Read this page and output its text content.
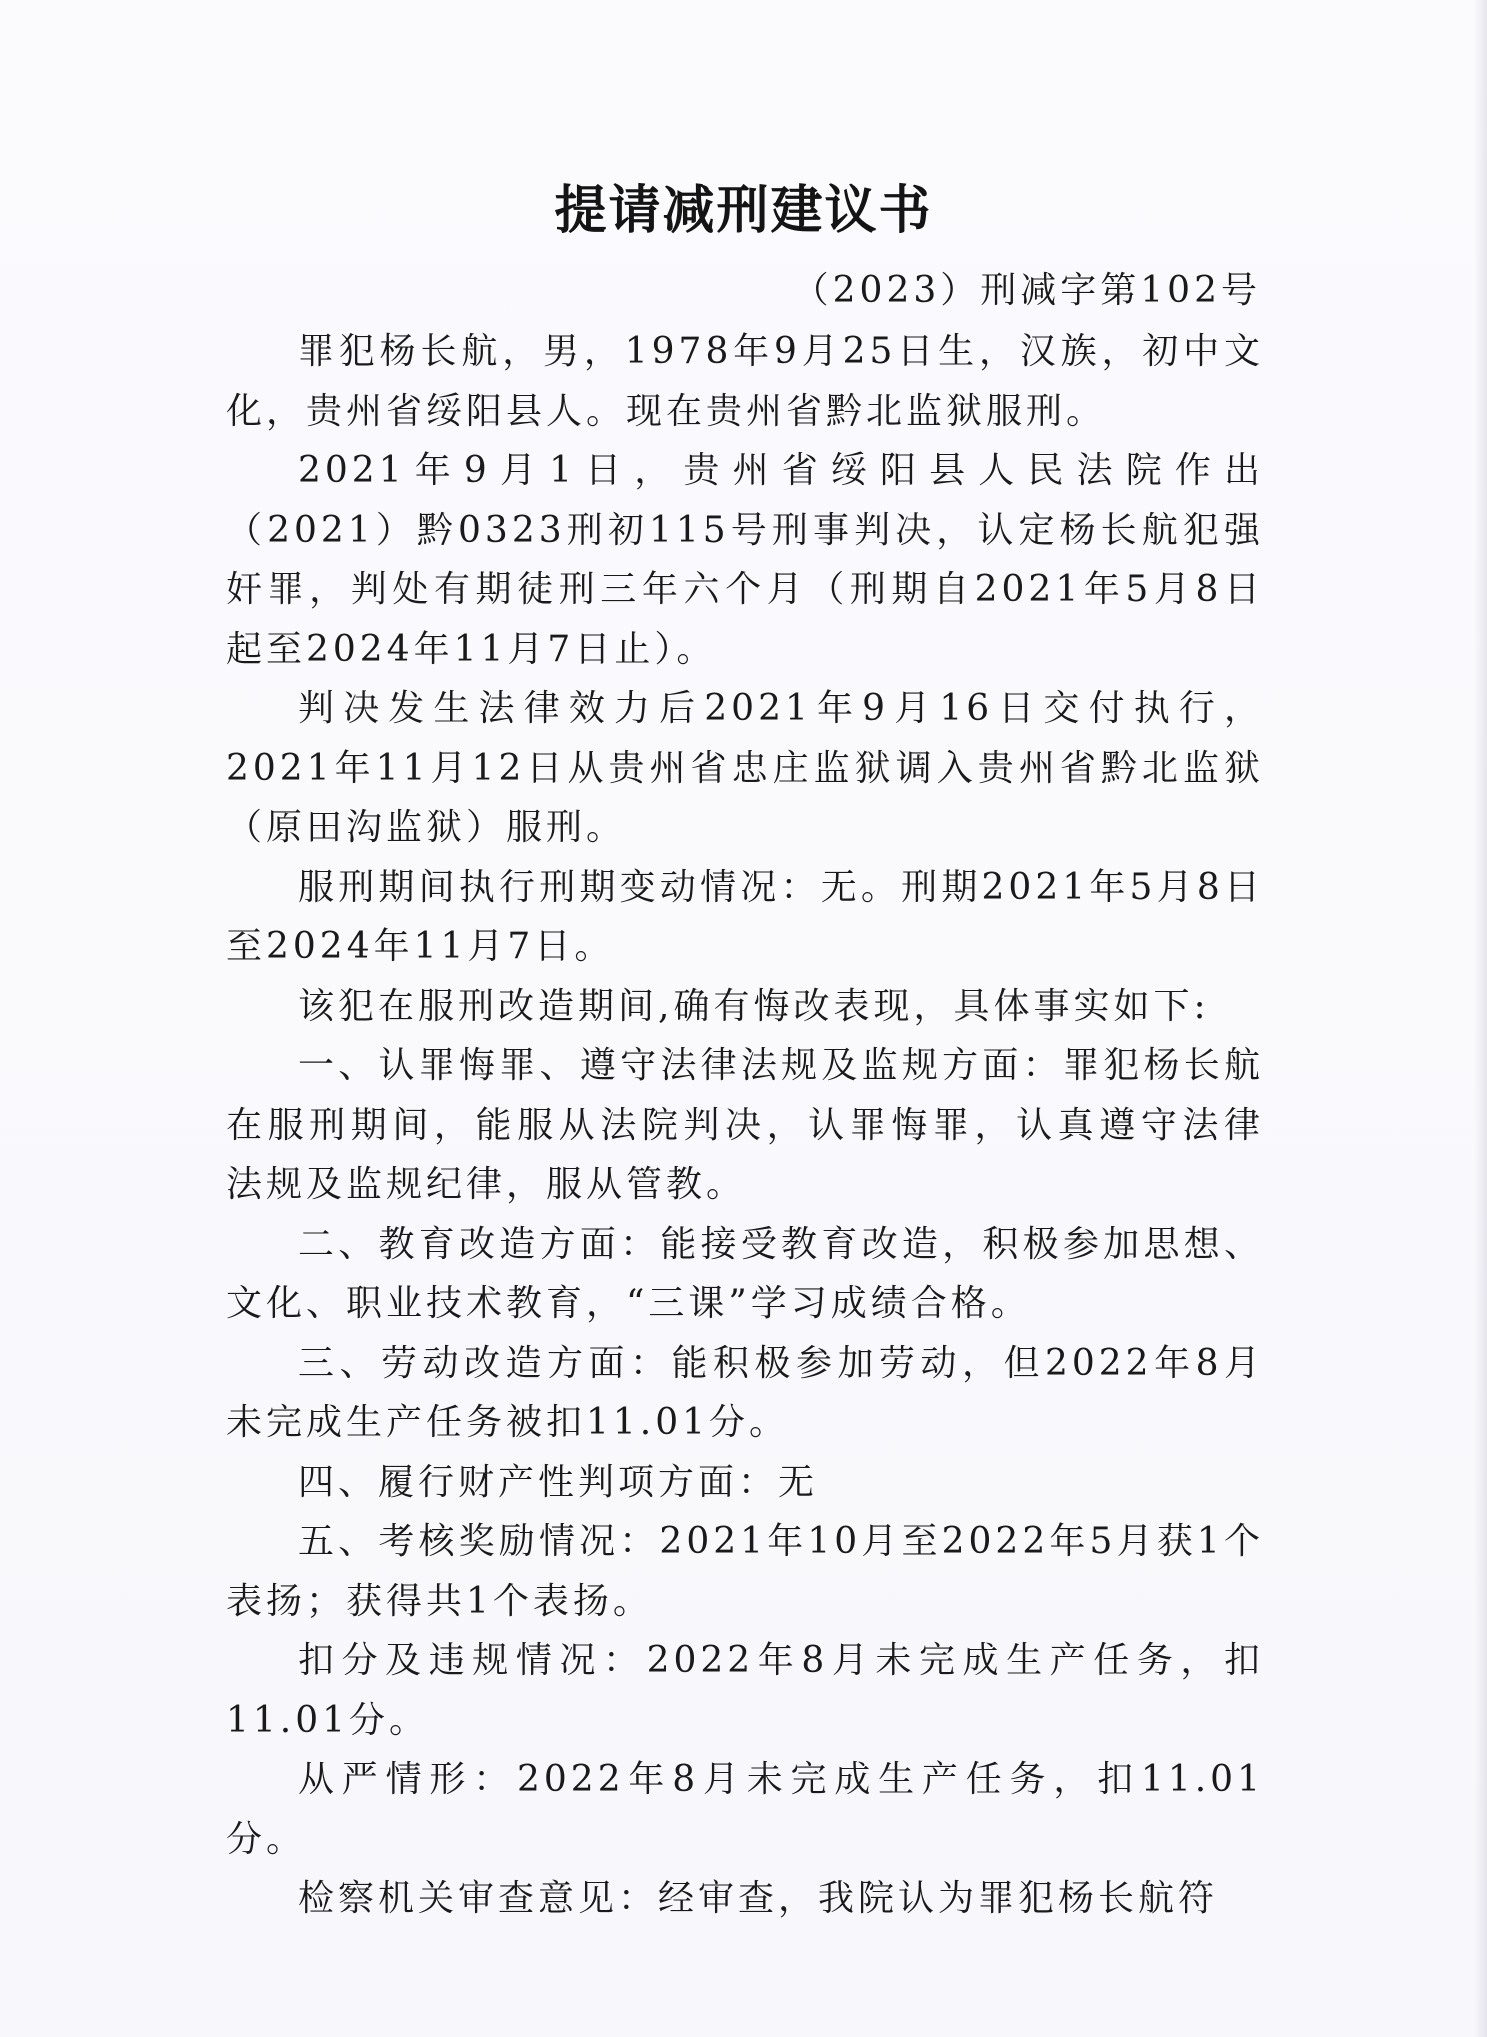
提请减刑建议书
（2023）刑减字第102号

罪犯杨长航，男，1978年9月25日生，汉族，初中文化，贵州省绥阳县人。现在贵州省黔北监狱服刑。

2021年9月1日，贵州省绥阳县人民法院作出（2021）黔0323刑初115号刑事判决，认定杨长航犯强奸罪，判处有期徒刑三年六个月（刑期自2021年5月8日起至2024年11月7日止）。

判决发生法律效力后2021年9月16日交付执行，2021年11月12日从贵州省忠庄监狱调入贵州省黔北监狱（原田沟监狱）服刑。

服刑期间执行刑期变动情况：无。刑期2021年5月8日至2024年11月7日。

该犯在服刑改造期间,确有悔改表现，具体事实如下:

一、认罪悔罪、遵守法律法规及监规方面：罪犯杨长航在服刑期间，能服从法院判决，认罪悔罪，认真遵守法律法规及监规纪律，服从管教。

二、教育改造方面：能接受教育改造，积极参加思想、文化、职业技术教育，“三课”学习成绩合格。

三、劳动改造方面：能积极参加劳动，但2022年8月未完成生产任务被扣11.01分。

四、履行财产性判项方面：无

五、考核奖励情况：2021年10月至2022年5月获1个表扬；获得共1个表扬。

扣分及违规情况：2022年8月未完成生产任务，扣11.01分。

从严情形：2022年8月未完成生产任务，扣11.01分。

检察机关审查意见：经审查，我院认为罪犯杨长航符
